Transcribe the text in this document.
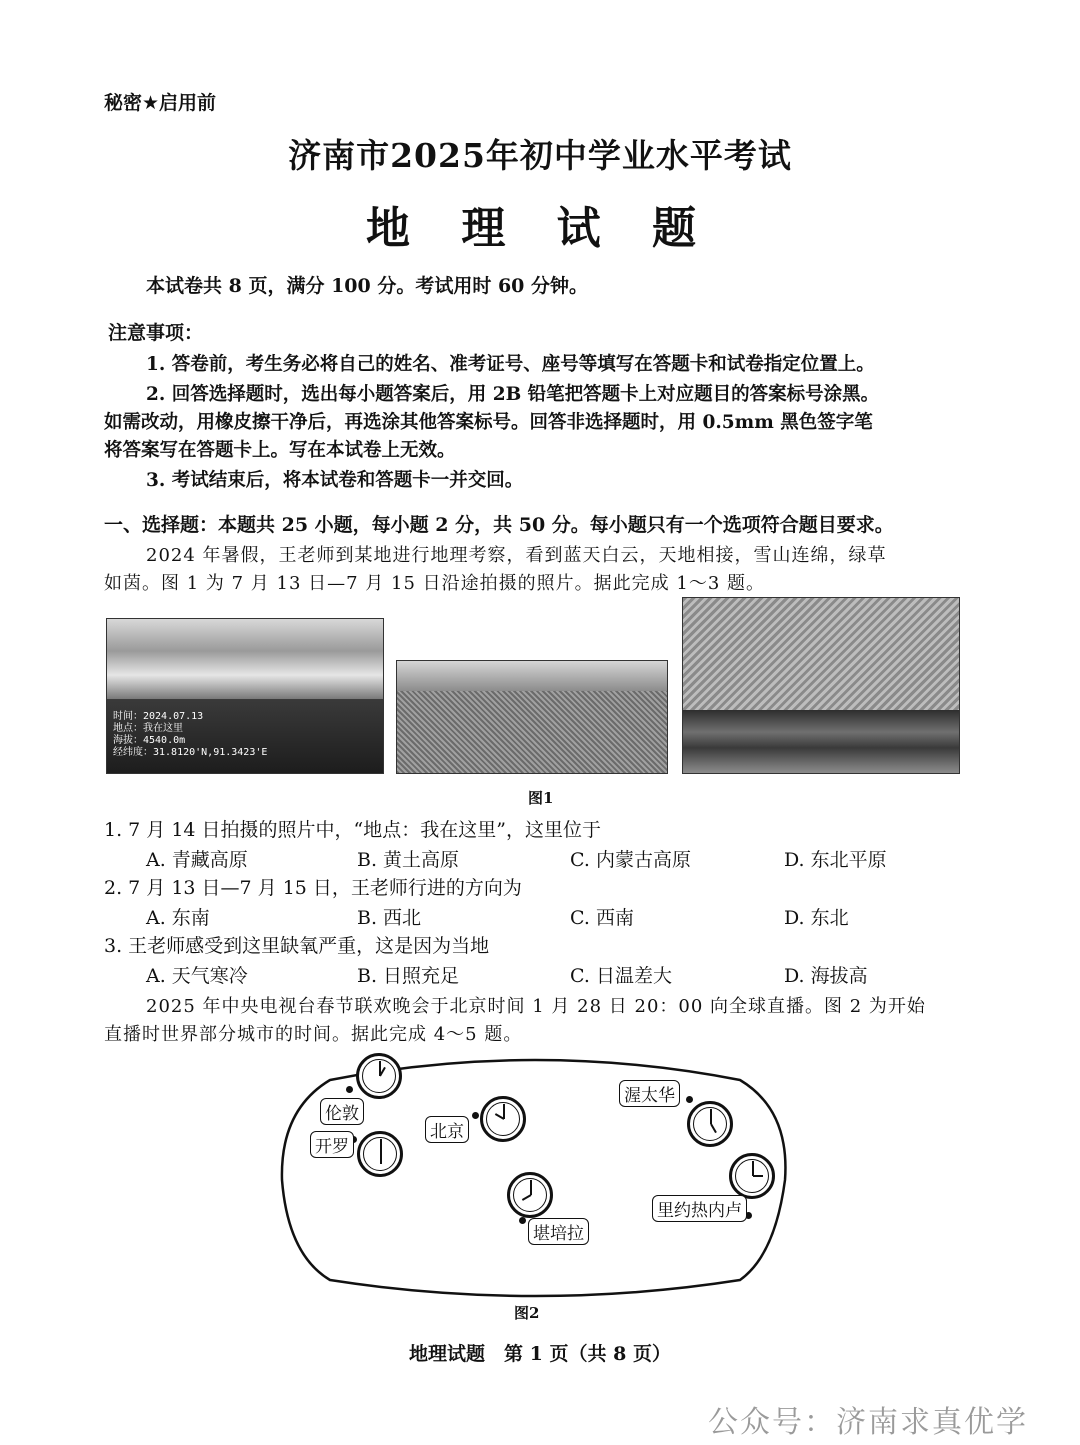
秘密★启用前
济南市2025年初中学业水平考试
地 理 试 题
本试卷共 8 页，满分 100 分。考试用时 60 分钟。
注意事项：
1. 答卷前，考生务必将自己的姓名、准考证号、座号等填写在答题卡和试卷指定位置上。
2. 回答选择题时，选出每小题答案后，用 2B 铅笔把答题卡上对应题目的答案标号涂黑。
如需改动，用橡皮擦干净后，再选涂其他答案标号。回答非选择题时，用 0.5mm 黑色签字笔
将答案写在答题卡上。写在本试卷上无效。
3. 考试结束后，将本试卷和答题卡一并交回。
一、选择题：本题共 25 小题，每小题 2 分，共 50 分。每小题只有一个选项符合题目要求。
2024 年暑假，王老师到某地进行地理考察，看到蓝天白云，天地相接，雪山连绵，绿草
如茵。图 1 为 7 月 13 日—7 月 15 日沿途拍摄的照片。据此完成 1～3 题。
时间：2024.07.13
地点：我在这里
海拔：4540.0m
经纬度：31.8120'N,91.3423'E
图1
1. 7 月 14 日拍摄的照片中，“地点：我在这里”，这里位于
A. 青藏高原	B. 黄土高原	C. 内蒙古高原	D. 东北平原
2. 7 月 13 日—7 月 15 日，王老师行进的方向为
A. 东南	B. 西北	C. 西南	D. 东北
3. 王老师感受到这里缺氧严重，这是因为当地
A. 天气寒冷	B. 日照充足	C. 日温差大	D. 海拔高
2025 年中央电视台春节联欢晚会于北京时间 1 月 28 日 20：00 向全球直播。图 2 为开始
直播时世界部分城市的时间。据此完成 4～5 题。
伦敦
开罗
北京
渥太华
堪培拉
里约热内卢
图2
地理试题　第 1 页（共 8 页）
公众号：济南求真优学
